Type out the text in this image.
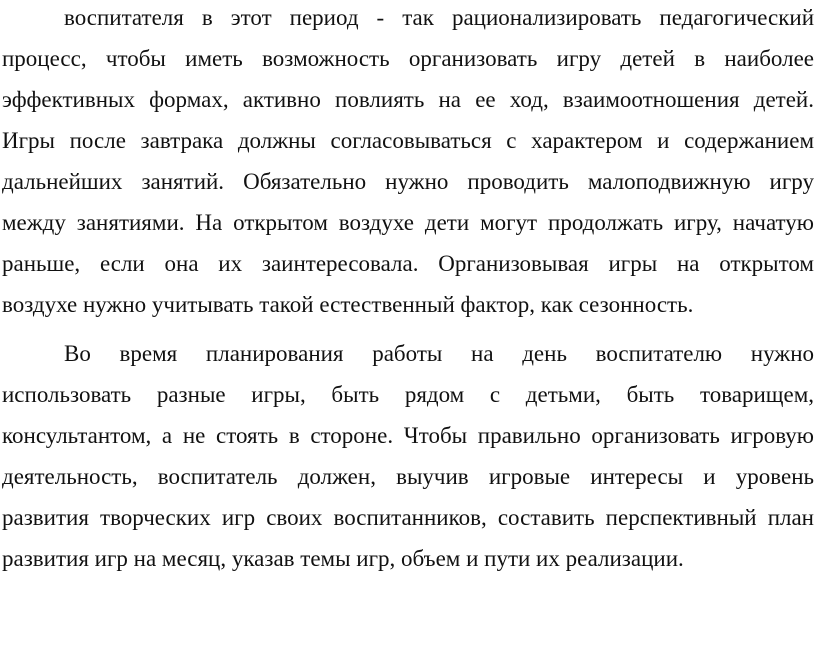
воспитателя в этот период - так рационализировать педагогический
процесс, чтобы иметь возможность организовать игру детей в наиболее
эффективных формах, активно повлиять на ее ход, взаимоотношения детей.
Игры после завтрака должны согласовываться с характером и содержанием
дальнейших занятий. Обязательно нужно проводить малоподвижную игру
между занятиями. На открытом воздухе дети могут продолжать игру, начатую
раньше, если она их заинтересовала. Организовывая игры на открытом
воздухе нужно учитывать такой естественный фактор, как сезонность.
Во время планирования работы на день воспитателю нужно
использовать разные игры, быть рядом с детьми, быть товарищем,
консультантом, а не стоять в стороне. Чтобы правильно организовать игровую
деятельность, воспитатель должен, выучив игровые интересы и уровень
развития творческих игр своих воспитанников, составить перспективный план
развития игр на месяц, указав темы игр, объем и пути их реализации.
